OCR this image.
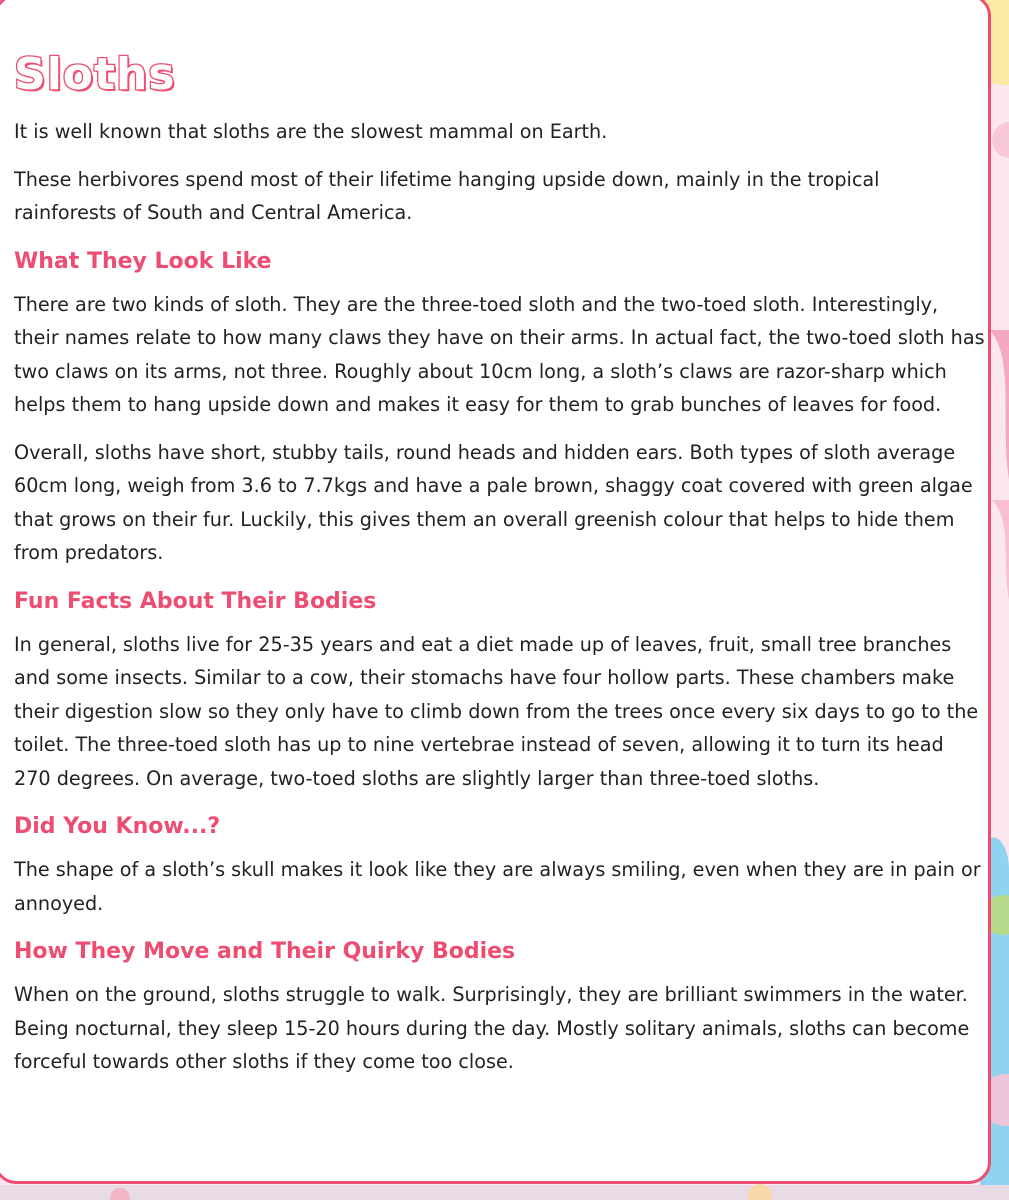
Sloths

It is well known that sloths are the slowest mammal on Earth.

These herbivores spend most of their lifetime hanging upside down, mainly in the tropical rainforests of South and Central America.

What They Look Like

There are two kinds of sloth. They are the three-toed sloth and the two-toed sloth. Interestingly, their names relate to how many claws they have on their arms. In actual fact, the two-toed sloth has two claws on its arms, not three. Roughly about 10cm long, a sloth’s claws are razor-sharp which helps them to hang upside down and makes it easy for them to grab bunches of leaves for food.

Overall, sloths have short, stubby tails, round heads and hidden ears. Both types of sloth average 60cm long, weigh from 3.6 to 7.7kgs and have a pale brown, shaggy coat covered with green algae that grows on their fur. Luckily, this gives them an overall greenish colour that helps to hide them from predators.

Fun Facts About Their Bodies

In general, sloths live for 25-35 years and eat a diet made up of leaves, fruit, small tree branches and some insects. Similar to a cow, their stomachs have four hollow parts. These chambers make their digestion slow so they only have to climb down from the trees once every six days to go to the toilet. The three-toed sloth has up to nine vertebrae instead of seven, allowing it to turn its head 270 degrees. On average, two-toed sloths are slightly larger than three-toed sloths.

Did You Know...?

The shape of a sloth’s skull makes it look like they are always smiling, even when they are in pain or annoyed.

How They Move and Their Quirky Bodies

When on the ground, sloths struggle to walk. Surprisingly, they are brilliant swimmers in the water. Being nocturnal, they sleep 15-20 hours during the day. Mostly solitary animals, sloths can become forceful towards other sloths if they come too close.
